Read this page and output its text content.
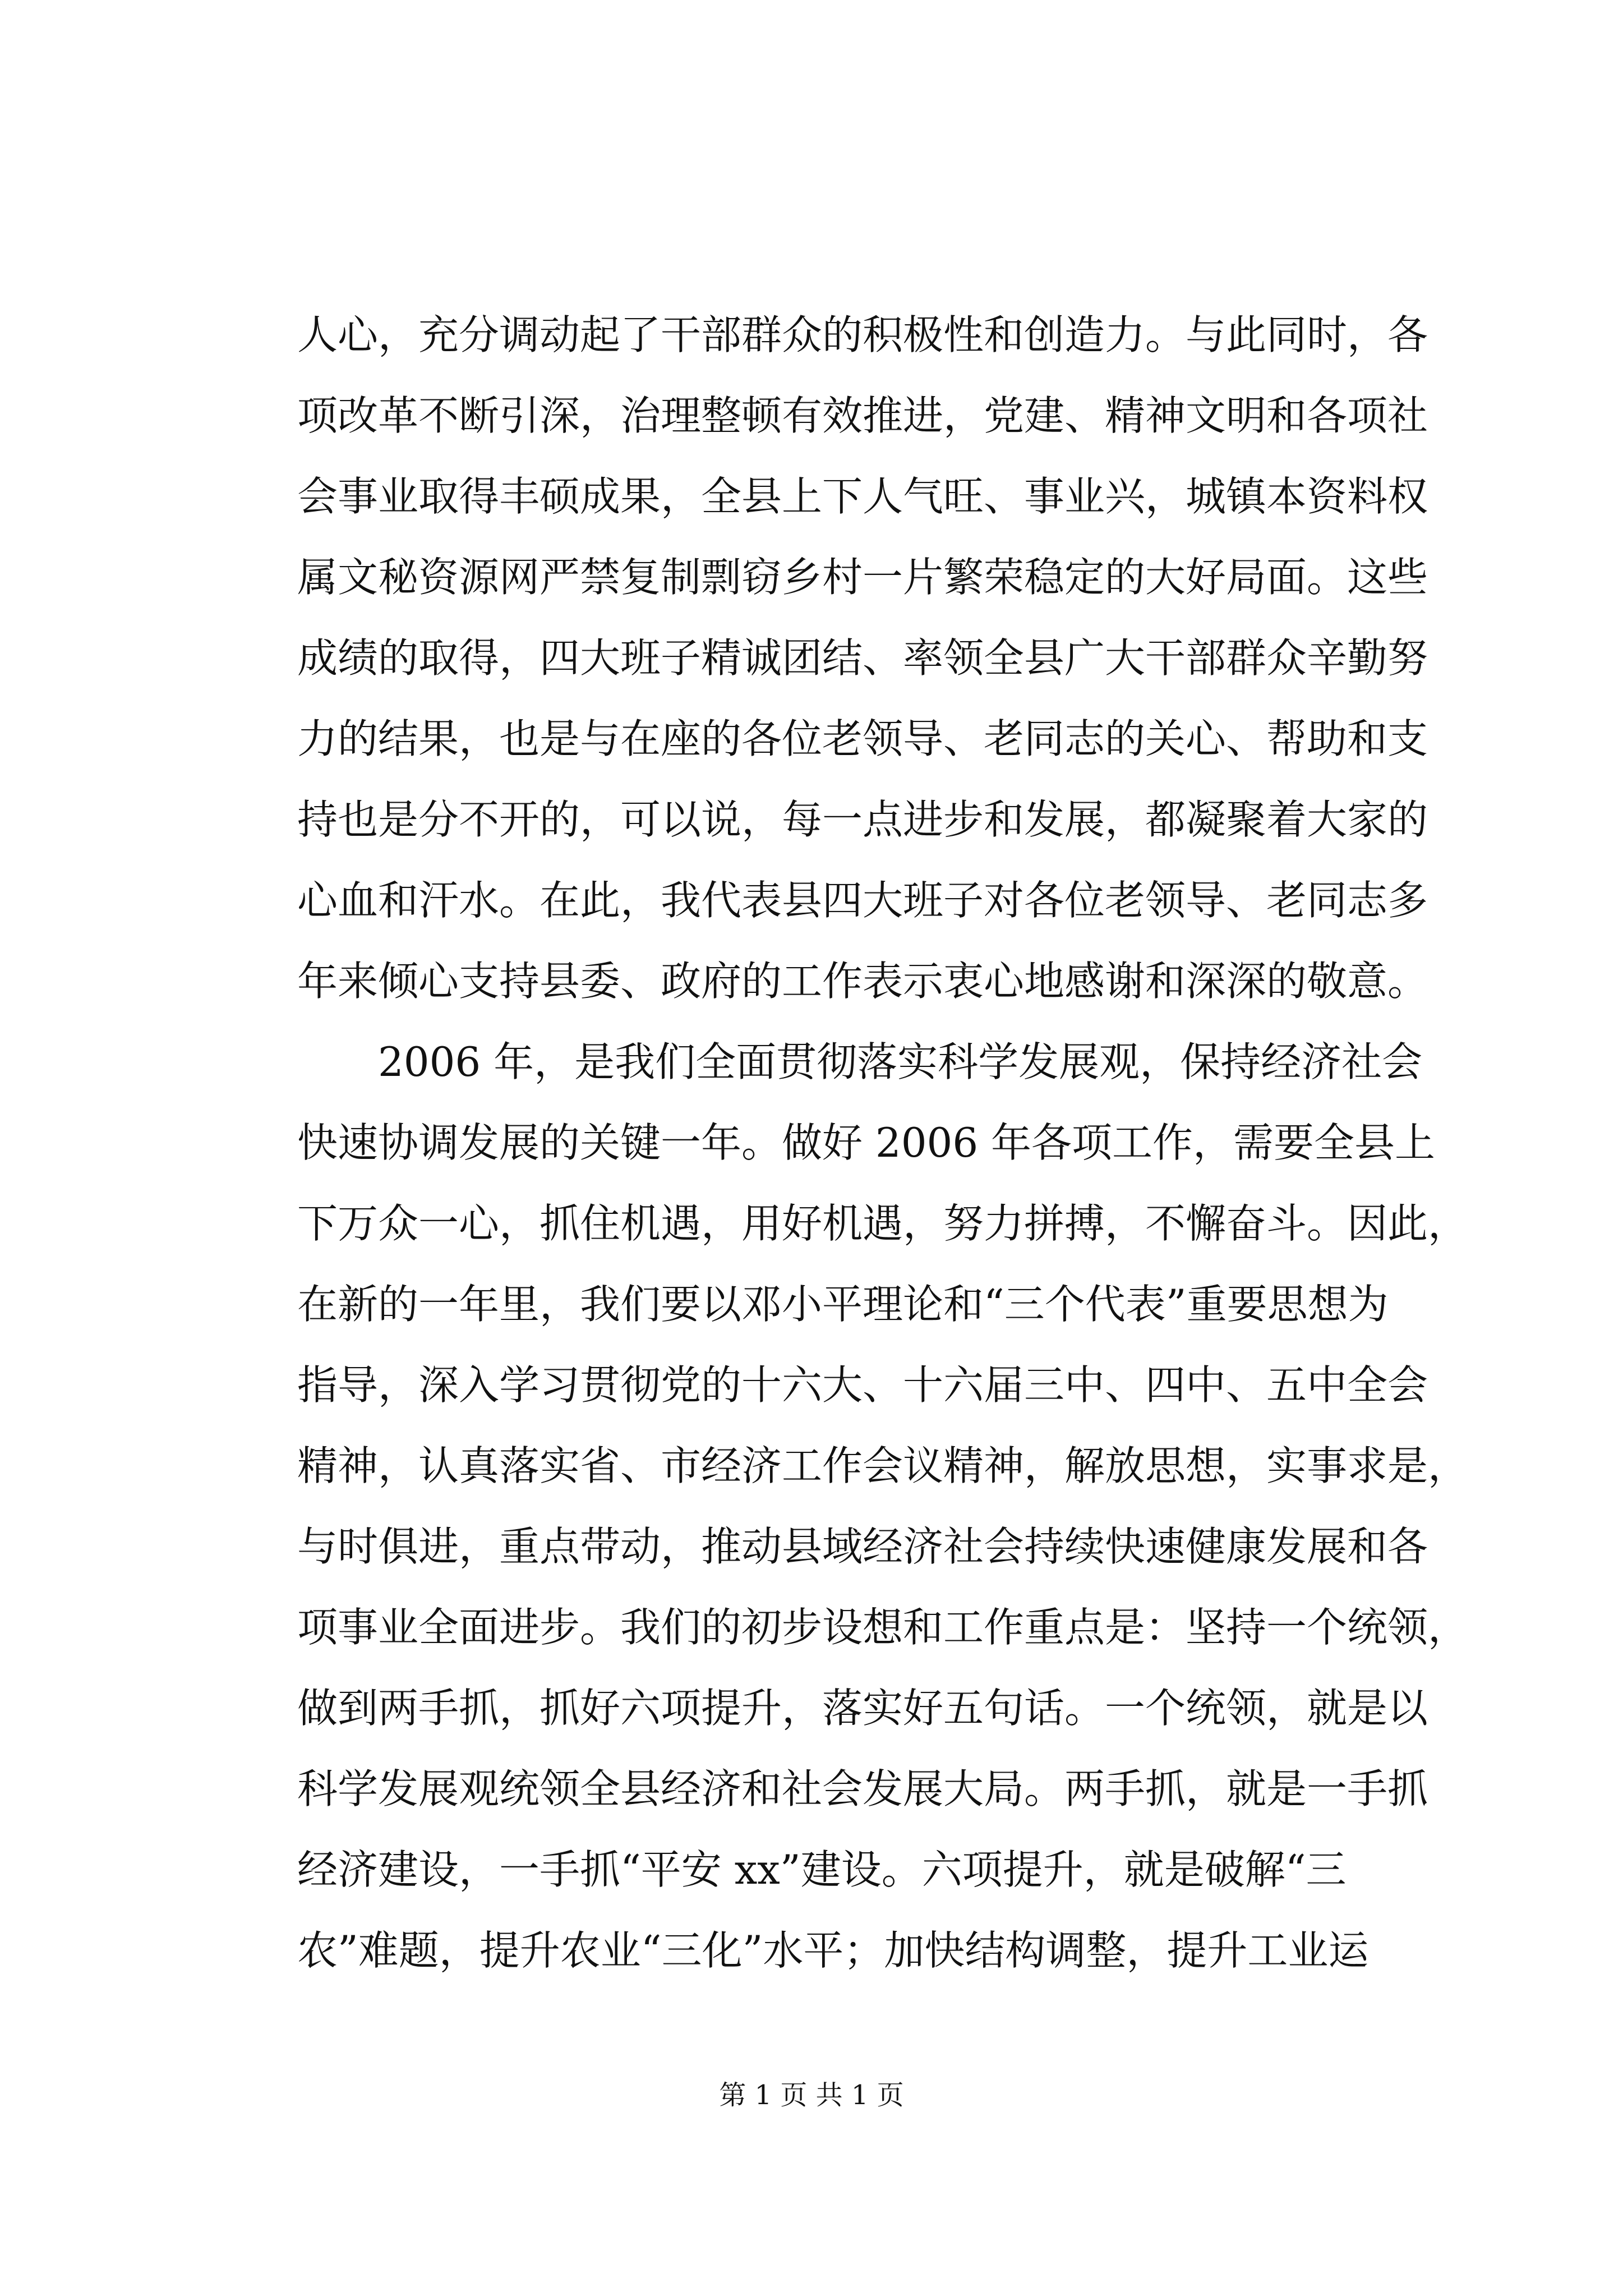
人心，充分调动起了干部群众的积极性和创造力。与此同时，各
项改革不断引深，治理整顿有效推进，党建、精神文明和各项社
会事业取得丰硕成果，全县上下人气旺、事业兴，城镇本资料权
属文秘资源网严禁复制剽窃乡村一片繁荣稳定的大好局面。这些
成绩的取得，四大班子精诚团结、率领全县广大干部群众辛勤努
力的结果，也是与在座的各位老领导、老同志的关心、帮助和支
持也是分不开的，可以说，每一点进步和发展，都凝聚着大家的
心血和汗水。在此，我代表县四大班子对各位老领导、老同志多
年来倾心支持县委、政府的工作表示衷心地感谢和深深的敬意。
2006 年，是我们全面贯彻落实科学发展观，保持经济社会
快速协调发展的关键一年。做好 2006 年各项工作，需要全县上
下万众一心，抓住机遇，用好机遇，努力拼搏，不懈奋斗。因此，
在新的一年里，我们要以邓小平理论和“三个代表”重要思想为
指导，深入学习贯彻党的十六大、十六届三中、四中、五中全会
精神，认真落实省、市经济工作会议精神，解放思想，实事求是，
与时俱进，重点带动，推动县域经济社会持续快速健康发展和各
项事业全面进步。我们的初步设想和工作重点是：坚持一个统领，
做到两手抓，抓好六项提升，落实好五句话。一个统领，就是以
科学发展观统领全县经济和社会发展大局。两手抓，就是一手抓
经济建设，一手抓“平安 xx”建设。六项提升，就是破解“三
农”难题，提升农业“三化”水平；加快结构调整，提升工业运
第 1 页 共 1 页
